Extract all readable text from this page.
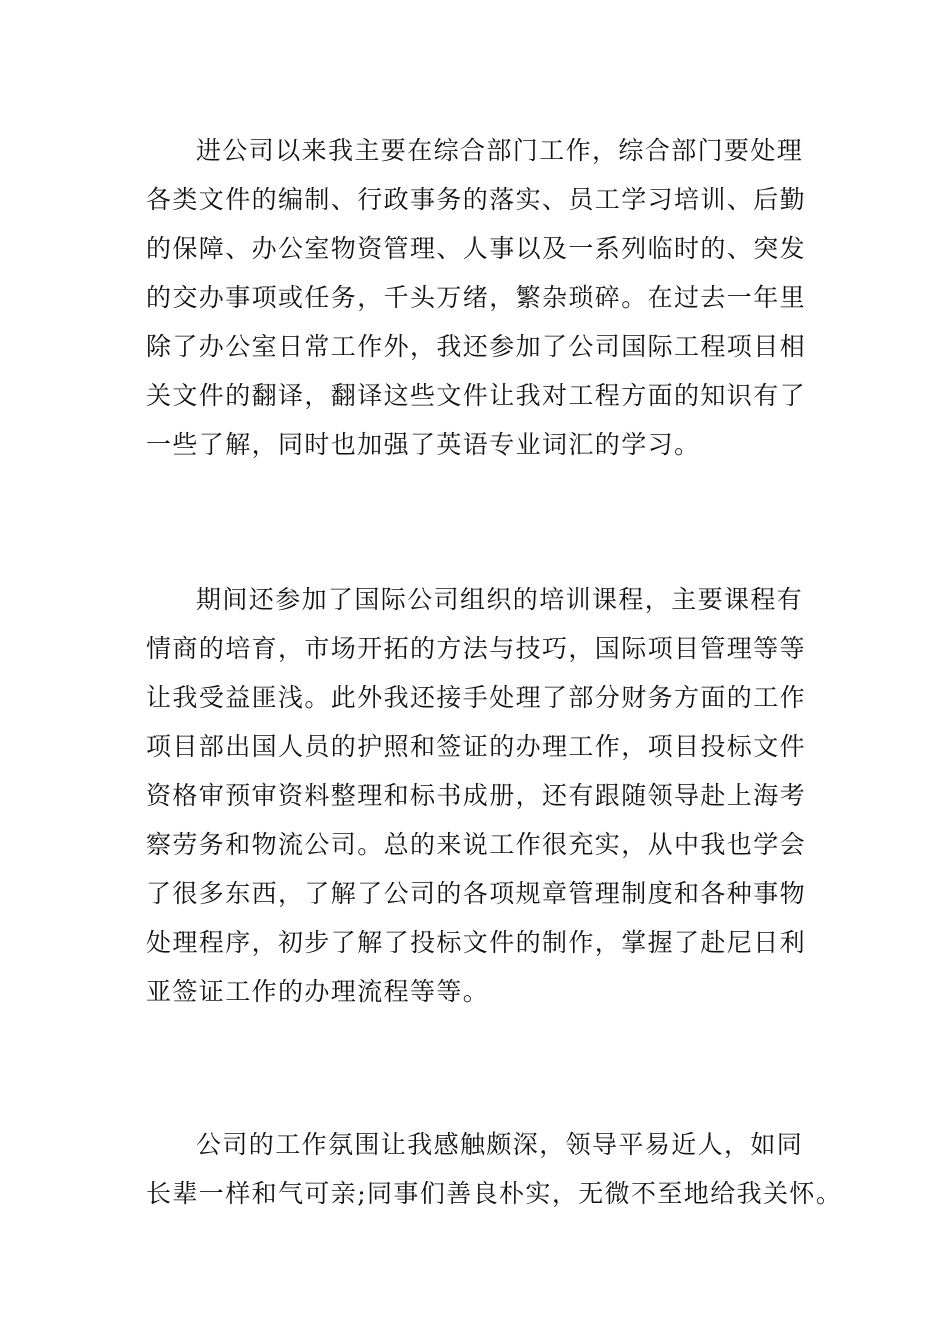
进公司以来我主要在综合部门工作，综合部门要处理
各类文件的编制、行政事务的落实、员工学习培训、后勤
的保障、办公室物资管理、人事以及一系列临时的、突发
的交办事项或任务，千头万绪，繁杂琐碎。在过去一年里
除了办公室日常工作外，我还参加了公司国际工程项目相
关文件的翻译，翻译这些文件让我对工程方面的知识有了
一些了解，同时也加强了英语专业词汇的学习。
期间还参加了国际公司组织的培训课程，主要课程有
情商的培育，市场开拓的方法与技巧，国际项目管理等等
让我受益匪浅。此外我还接手处理了部分财务方面的工作
项目部出国人员的护照和签证的办理工作，项目投标文件
资格审预审资料整理和标书成册，还有跟随领导赴上海考
察劳务和物流公司。总的来说工作很充实，从中我也学会
了很多东西，了解了公司的各项规章管理制度和各种事物
处理程序，初步了解了投标文件的制作，掌握了赴尼日利
亚签证工作的办理流程等等。
公司的工作氛围让我感触颇深，领导平易近人，如同
长辈一样和气可亲;同事们善良朴实，无微不至地给我关怀。
